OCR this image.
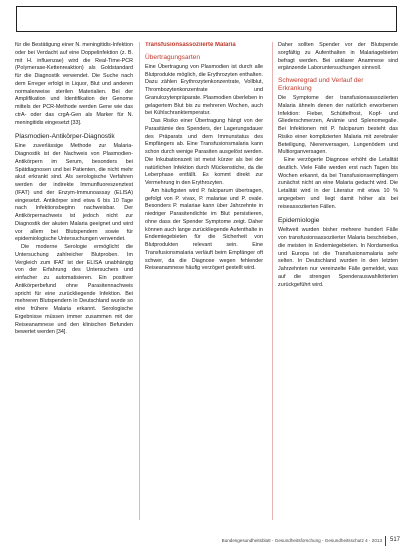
für die Bestätigung einer N. meningitidis-Infektion oder bei Verdacht auf eine Doppelinfektion (z. B. mit H. influenzae) wird die Real-Time-PCR (Polymerase-Kettenreaktion) als Goldstandard für die Diagnostik verwendet. Die Suche nach dem Erreger erfolgt in Liquor, Blut und anderen normalerweise sterilen Materialien. Bei der Amplifikation und Identifikation der Genome mittels der PCR-Methode werden Gene wie das ctrA- oder das crgA-Gen als Marker für N. meningitidis eingesetzt [33].

Plasmodien-Antikörper-Diagnostik

Eine zuverlässige Methode zur Malaria-Diagnostik ist der Nachweis von Plasmodien-Antikörpern im Serum, besonders bei Spätdiagnosen und bei Patienten, die nicht mehr akut erkrankt sind. Als serologische Verfahren werden der indirekte Immunfluoreszenztest (IFAT) und der Enzym-Immunoassay (ELISA) eingesetzt. Antikörper sind etwa 6 bis 10 Tage nach Infektionsbeginn nachweisbar. Der Antikörpernachweis ist jedoch nicht zur Diagnostik der akuten Malaria geeignet und wird vor allem bei Blutspendern sowie für epidemiologische Untersuchungen verwendet.

Die moderne Serologie ermöglicht die Untersuchung zahlreicher Blutproben. Im Vergleich zum IFAT ist der ELISA unabhängig von der Erfahrung des Untersuchers und einfacher zu automatisieren. Ein positiver Antikörperbefund ohne Parasitennachweis spricht für eine zurückliegende Infektion. Bei mehreren Blutspendern in Deutschland wurde so eine frühere Malaria erkannt. Serologische Ergebnisse müssen immer zusammen mit der Reiseanamnese und den klinischen Befunden bewertet werden [34].

Transfusionsassoziierte Malaria
Übertragungsarten

Eine Übertragung von Plasmodien ist durch alle Blutprodukte möglich, die Erythrozyten enthalten. Dazu zählen Erythrozytenkonzentrate, Vollblut, Thrombozytenkonzentrate und Granulozytenpräparate. Plasmodien überleben in gelagertem Blut bis zu mehreren Wochen, auch bei Kühlschranktemperatur.

Das Risiko einer Übertragung hängt von der Parasitämie des Spenders, der Lagerungsdauer des Präparats und dem Immunstatus des Empfängers ab. Eine Transfusionsmalaria kann schon durch wenige Parasiten ausgelöst werden. Die Inkubationszeit ist meist kürzer als bei der natürlichen Infektion durch Mückenstiche, da die Leberphase entfällt. Es kommt direkt zur Vermehrung in den Erythrozyten.

Am häufigsten wird P. falciparum übertragen, gefolgt von P. vivax, P. malariae und P. ovale. Besonders P. malariae kann über Jahrzehnte in niedriger Parasitendichte im Blut persistieren, ohne dass der Spender Symptome zeigt. Daher können auch lange zurückliegende Aufenthalte in Endemiegebieten für die Sicherheit von Blutprodukten relevant sein. Eine Transfusionsmalaria verläuft beim Empfänger oft schwer, da die Diagnose wegen fehlender Reiseanamnese häufig verzögert gestellt wird.

Daher sollten Spender vor der Blutspende sorgfältig zu Aufenthalten in Malariagebieten befragt werden. Bei unklarer Anamnese sind ergänzende Laboruntersuchungen sinnvoll.

Schweregrad und Verlauf der Erkrankung

Die Symptome der transfusionsassoziierten Malaria ähneln denen der natürlich erworbenen Infektion: Fieber, Schüttelfrost, Kopf- und Gliederschmerzen, Anämie und Splenomegalie. Bei Infektionen mit P. falciparum besteht das Risiko einer komplizierten Malaria mit zerebraler Beteiligung, Nierenversagen, Lungenödem und Multiorganversagen.

Eine verzögerte Diagnose erhöht die Letalität deutlich. Viele Fälle werden erst nach Tagen bis Wochen erkannt, da bei Transfusionsempfängern zunächst nicht an eine Malaria gedacht wird. Die Letalität wird in der Literatur mit etwa 10 % angegeben und liegt damit höher als bei reiseassoziierten Fällen.

Epidemiologie

Weltweit wurden bisher mehrere hundert Fälle von transfusionsassoziierter Malaria beschrieben, die meisten in Endemiegebieten. In Nordamerika und Europa ist die Transfusionsmalaria sehr selten. In Deutschland wurden in den letzten Jahrzehnten nur vereinzelte Fälle gemeldet, was auf die strengen Spenderauswahlkriterien zurückgeführt wird.

Bundesgesundheitsblatt - Gesundheitsforschung - Gesundheitsschutz 4 · 2013 517
